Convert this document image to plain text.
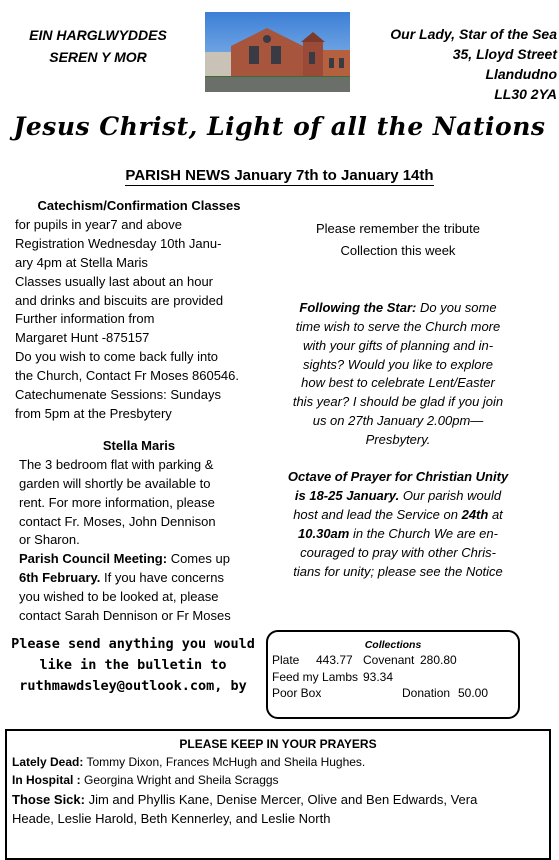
EIN HARGLWYDDES
SEREN Y MOR
Our Lady, Star of the Sea
35, Lloyd Street
Llandudno
LL30 2YA
Jesus Christ, Light of all the Nations
PARISH NEWS January 7th to January 14th
Catechism/Confirmation Classes
for pupils in year7 and above
Registration Wednesday 10th Janu-
ary 4pm at Stella Maris
Classes usually last about an hour
and drinks and biscuits are provided
Further information from
Margaret Hunt -875157
Do you wish to come back fully into
the Church, Contact Fr Moses 860546.
Catechumenate Sessions: Sundays
from 5pm at the Presbytery
Stella Maris
The 3 bedroom flat with parking &
garden will shortly be available to
rent. For more information, please
contact Fr. Moses, John Dennison
or Sharon.
Parish Council Meeting: Comes up
6th February. If you have concerns
you wished to be looked at, please
contact Sarah Dennison or Fr Moses
Please remember the tribute
Collection this week
Following the Star: Do you some
time wish to serve the Church more
with your gifts of planning and in-
sights? Would you like to explore
how best to celebrate Lent/Easter
this year? I should be glad if you join
us on 27th January 2.00pm—
Presbytery.
Octave of Prayer for Christian Unity
is 18-25 January. Our parish would
host and lead the Service on 24th at
10.30am in the Church We are en-
couraged to pray with other Chris-
tians for unity; please see the Notice
Please send anything you would
like in the bulletin to
ruthmawdsley@outlook.com, by
Collections
Plate 443.77 Covenant 280.80
Feed my Lambs 93.34
Poor Box	Donation 50.00
PLEASE KEEP IN YOUR PRAYERS
Lately Dead: Tommy Dixon, Frances McHugh and Sheila Hughes.
In Hospital : Georgina Wright and Sheila Scraggs
Those Sick: Jim and Phyllis Kane, Denise Mercer, Olive and Ben Edwards, Vera
Heade, Leslie Harold, Beth Kennerley, and Leslie North
